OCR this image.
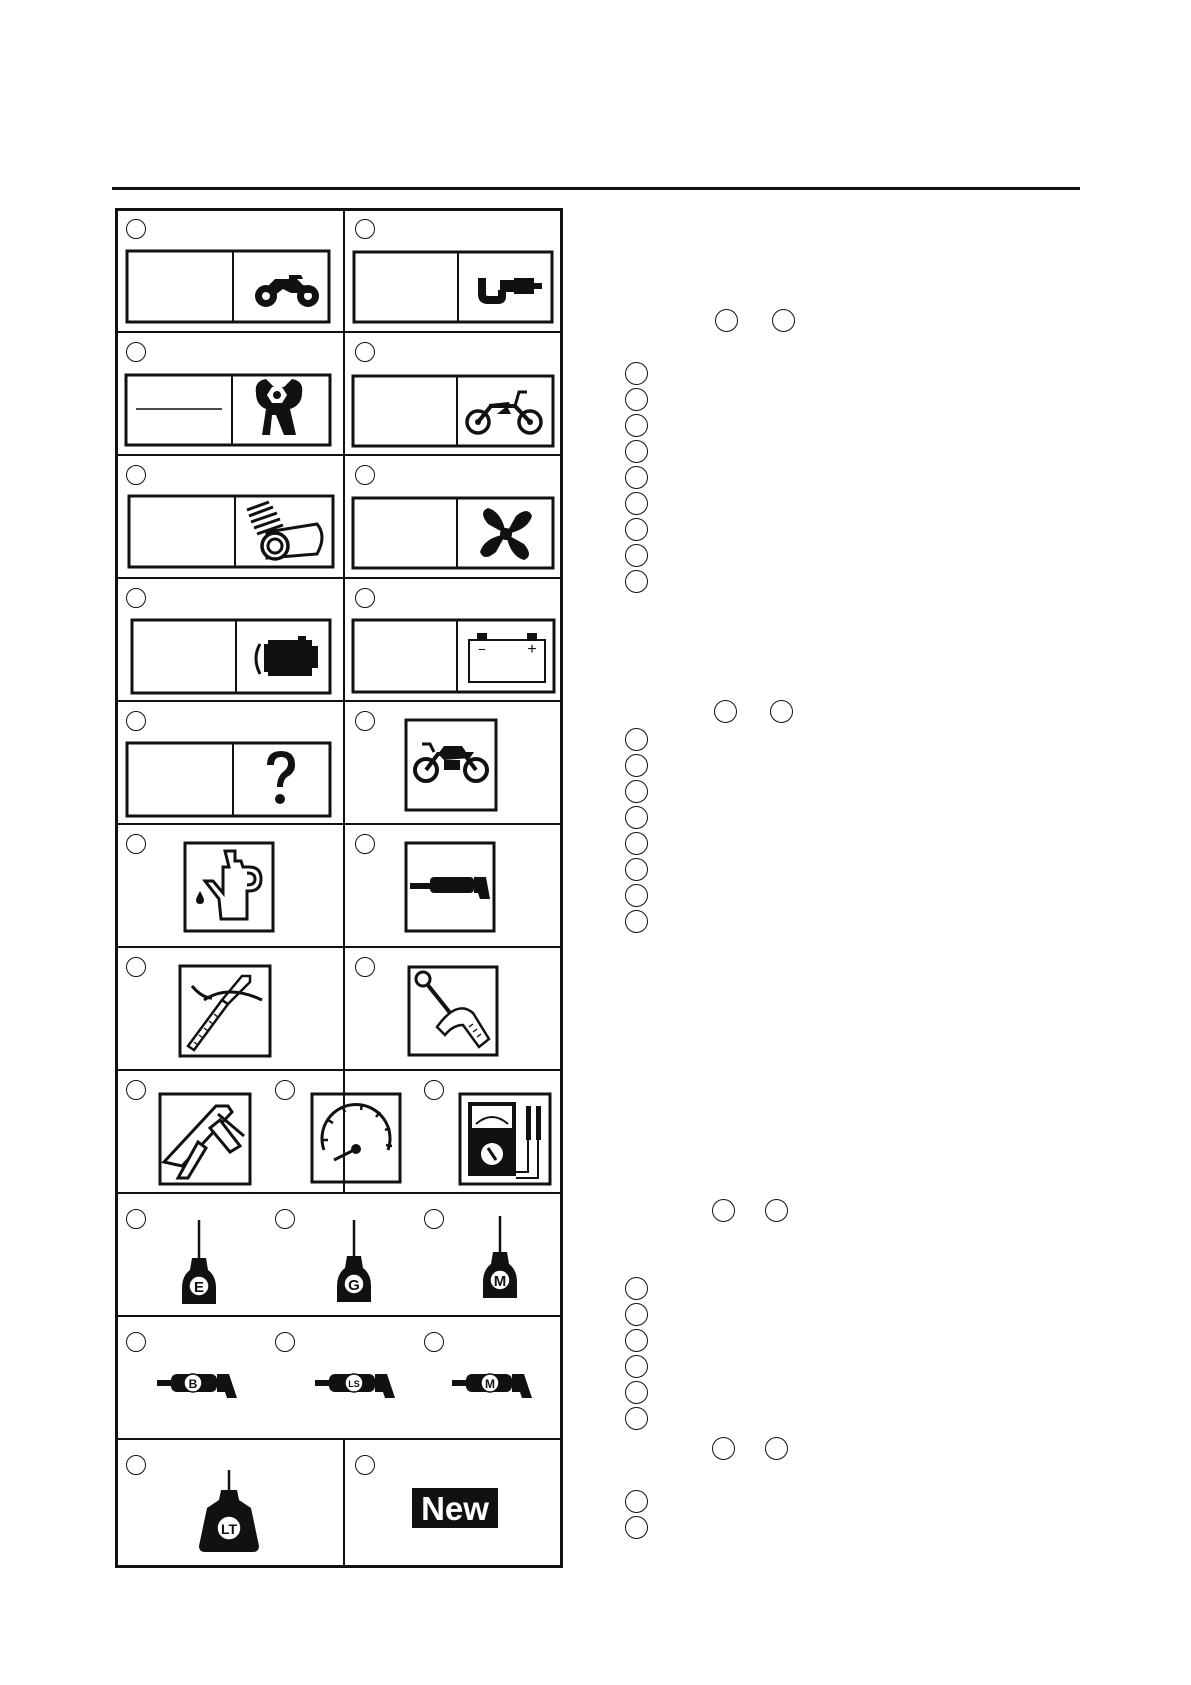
−	+
E	G	M
B	LS	M
LT
New
